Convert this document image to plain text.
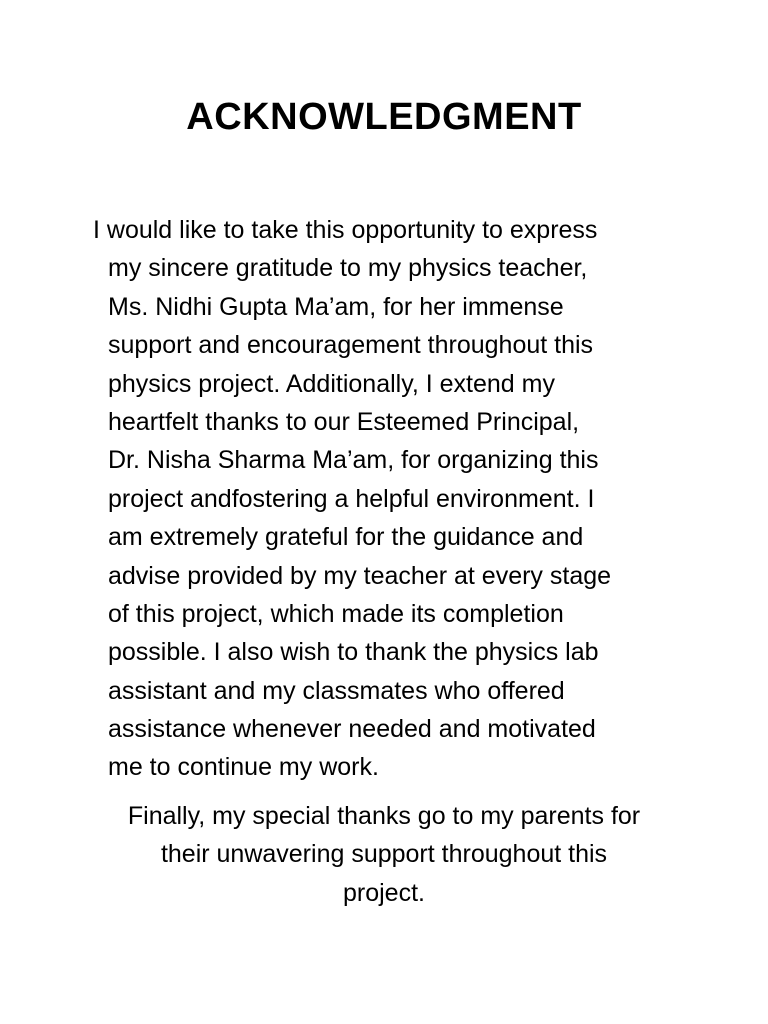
ACKNOWLEDGMENT
I would like to take this opportunity to express
my sincere gratitude to my physics teacher,
Ms. Nidhi Gupta Ma’am, for her immense
support and encouragement throughout this
physics project. Additionally, I extend my
heartfelt thanks to our Esteemed Principal,
Dr. Nisha Sharma Ma’am, for organizing this
project andfostering a helpful environment. I
am extremely grateful for the guidance and
advise provided by my teacher at every stage
of this project, which made its completion
possible. I also wish to thank the physics lab
assistant and my classmates who offered
assistance whenever needed and motivated
me to continue my work.
Finally, my special thanks go to my parents for
their unwavering support throughout this
project.
